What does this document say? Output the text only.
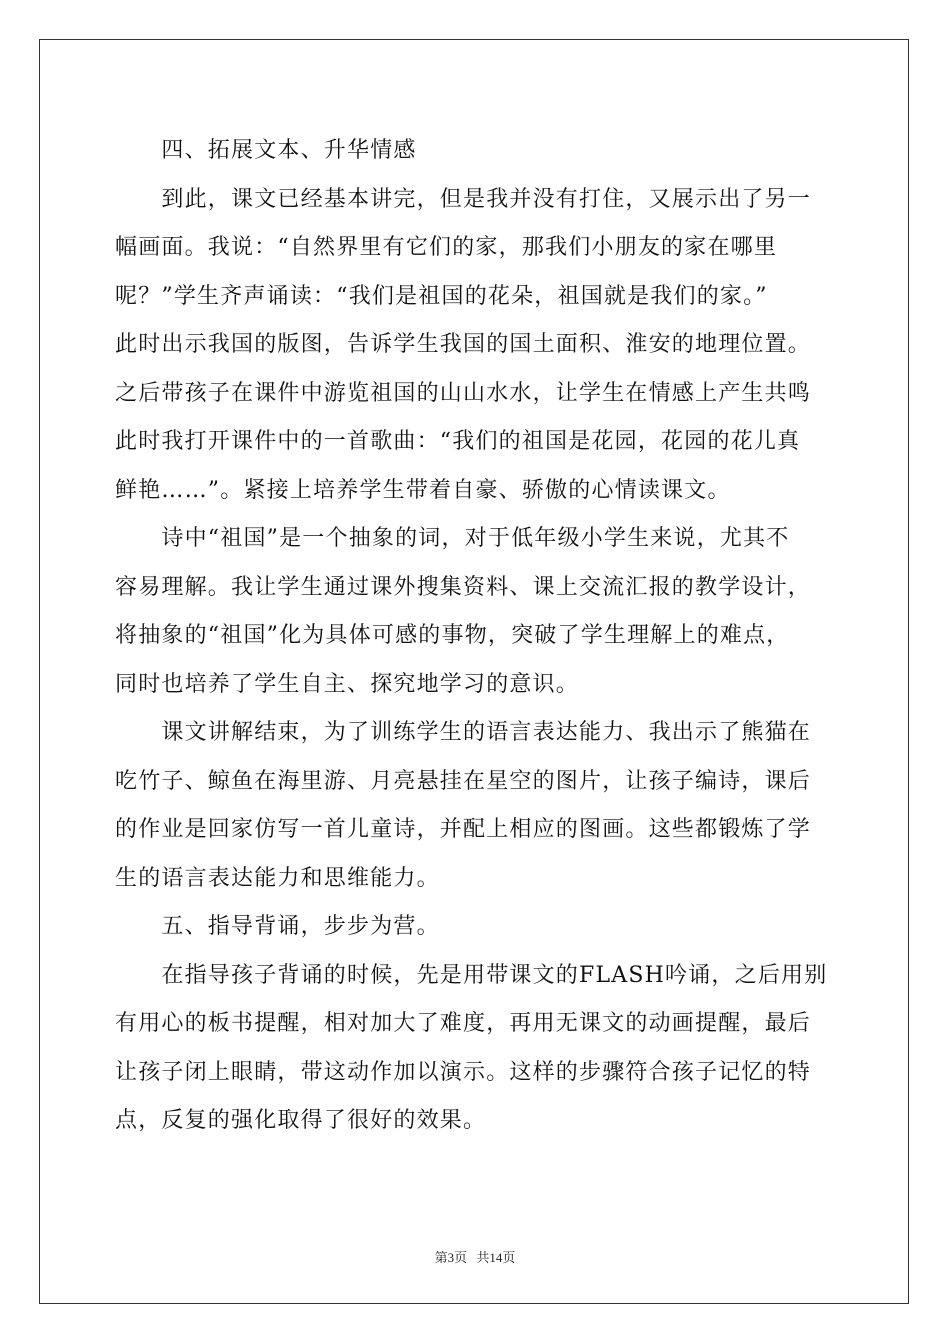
　　四、拓展文本、升华情感

　　到此，课文已经基本讲完，但是我并没有打住，又展示出了另一
幅画面。我说：“自然界里有它们的家，那我们小朋友的家在哪里
呢？”学生齐声诵读：“我们是祖国的花朵，祖国就是我们的家。”
此时出示我国的版图，告诉学生我国的国土面积、淮安的地理位置。
之后带孩子在课件中游览祖国的山山水水，让学生在情感上产生共鸣
此时我打开课件中的一首歌曲：“我们的祖国是花园，花园的花儿真
鲜艳……”。紧接上培养学生带着自豪、骄傲的心情读课文。

　　诗中“祖国”是一个抽象的词，对于低年级小学生来说，尤其不
容易理解。我让学生通过课外搜集资料、课上交流汇报的教学设计，
将抽象的“祖国”化为具体可感的事物，突破了学生理解上的难点，
同时也培养了学生自主、探究地学习的意识。

　　课文讲解结束，为了训练学生的语言表达能力、我出示了熊猫在
吃竹子、鲸鱼在海里游、月亮悬挂在星空的图片，让孩子编诗，课后
的作业是回家仿写一首儿童诗，并配上相应的图画。这些都锻炼了学
生的语言表达能力和思维能力。

　　五、指导背诵，步步为营。

　　在指导孩子背诵的时候，先是用带课文的FLASH吟诵，之后用别
有用心的板书提醒，相对加大了难度，再用无课文的动画提醒，最后
让孩子闭上眼睛，带这动作加以演示。这样的步骤符合孩子记忆的特
点，反复的强化取得了很好的效果。

第3页 共14页
